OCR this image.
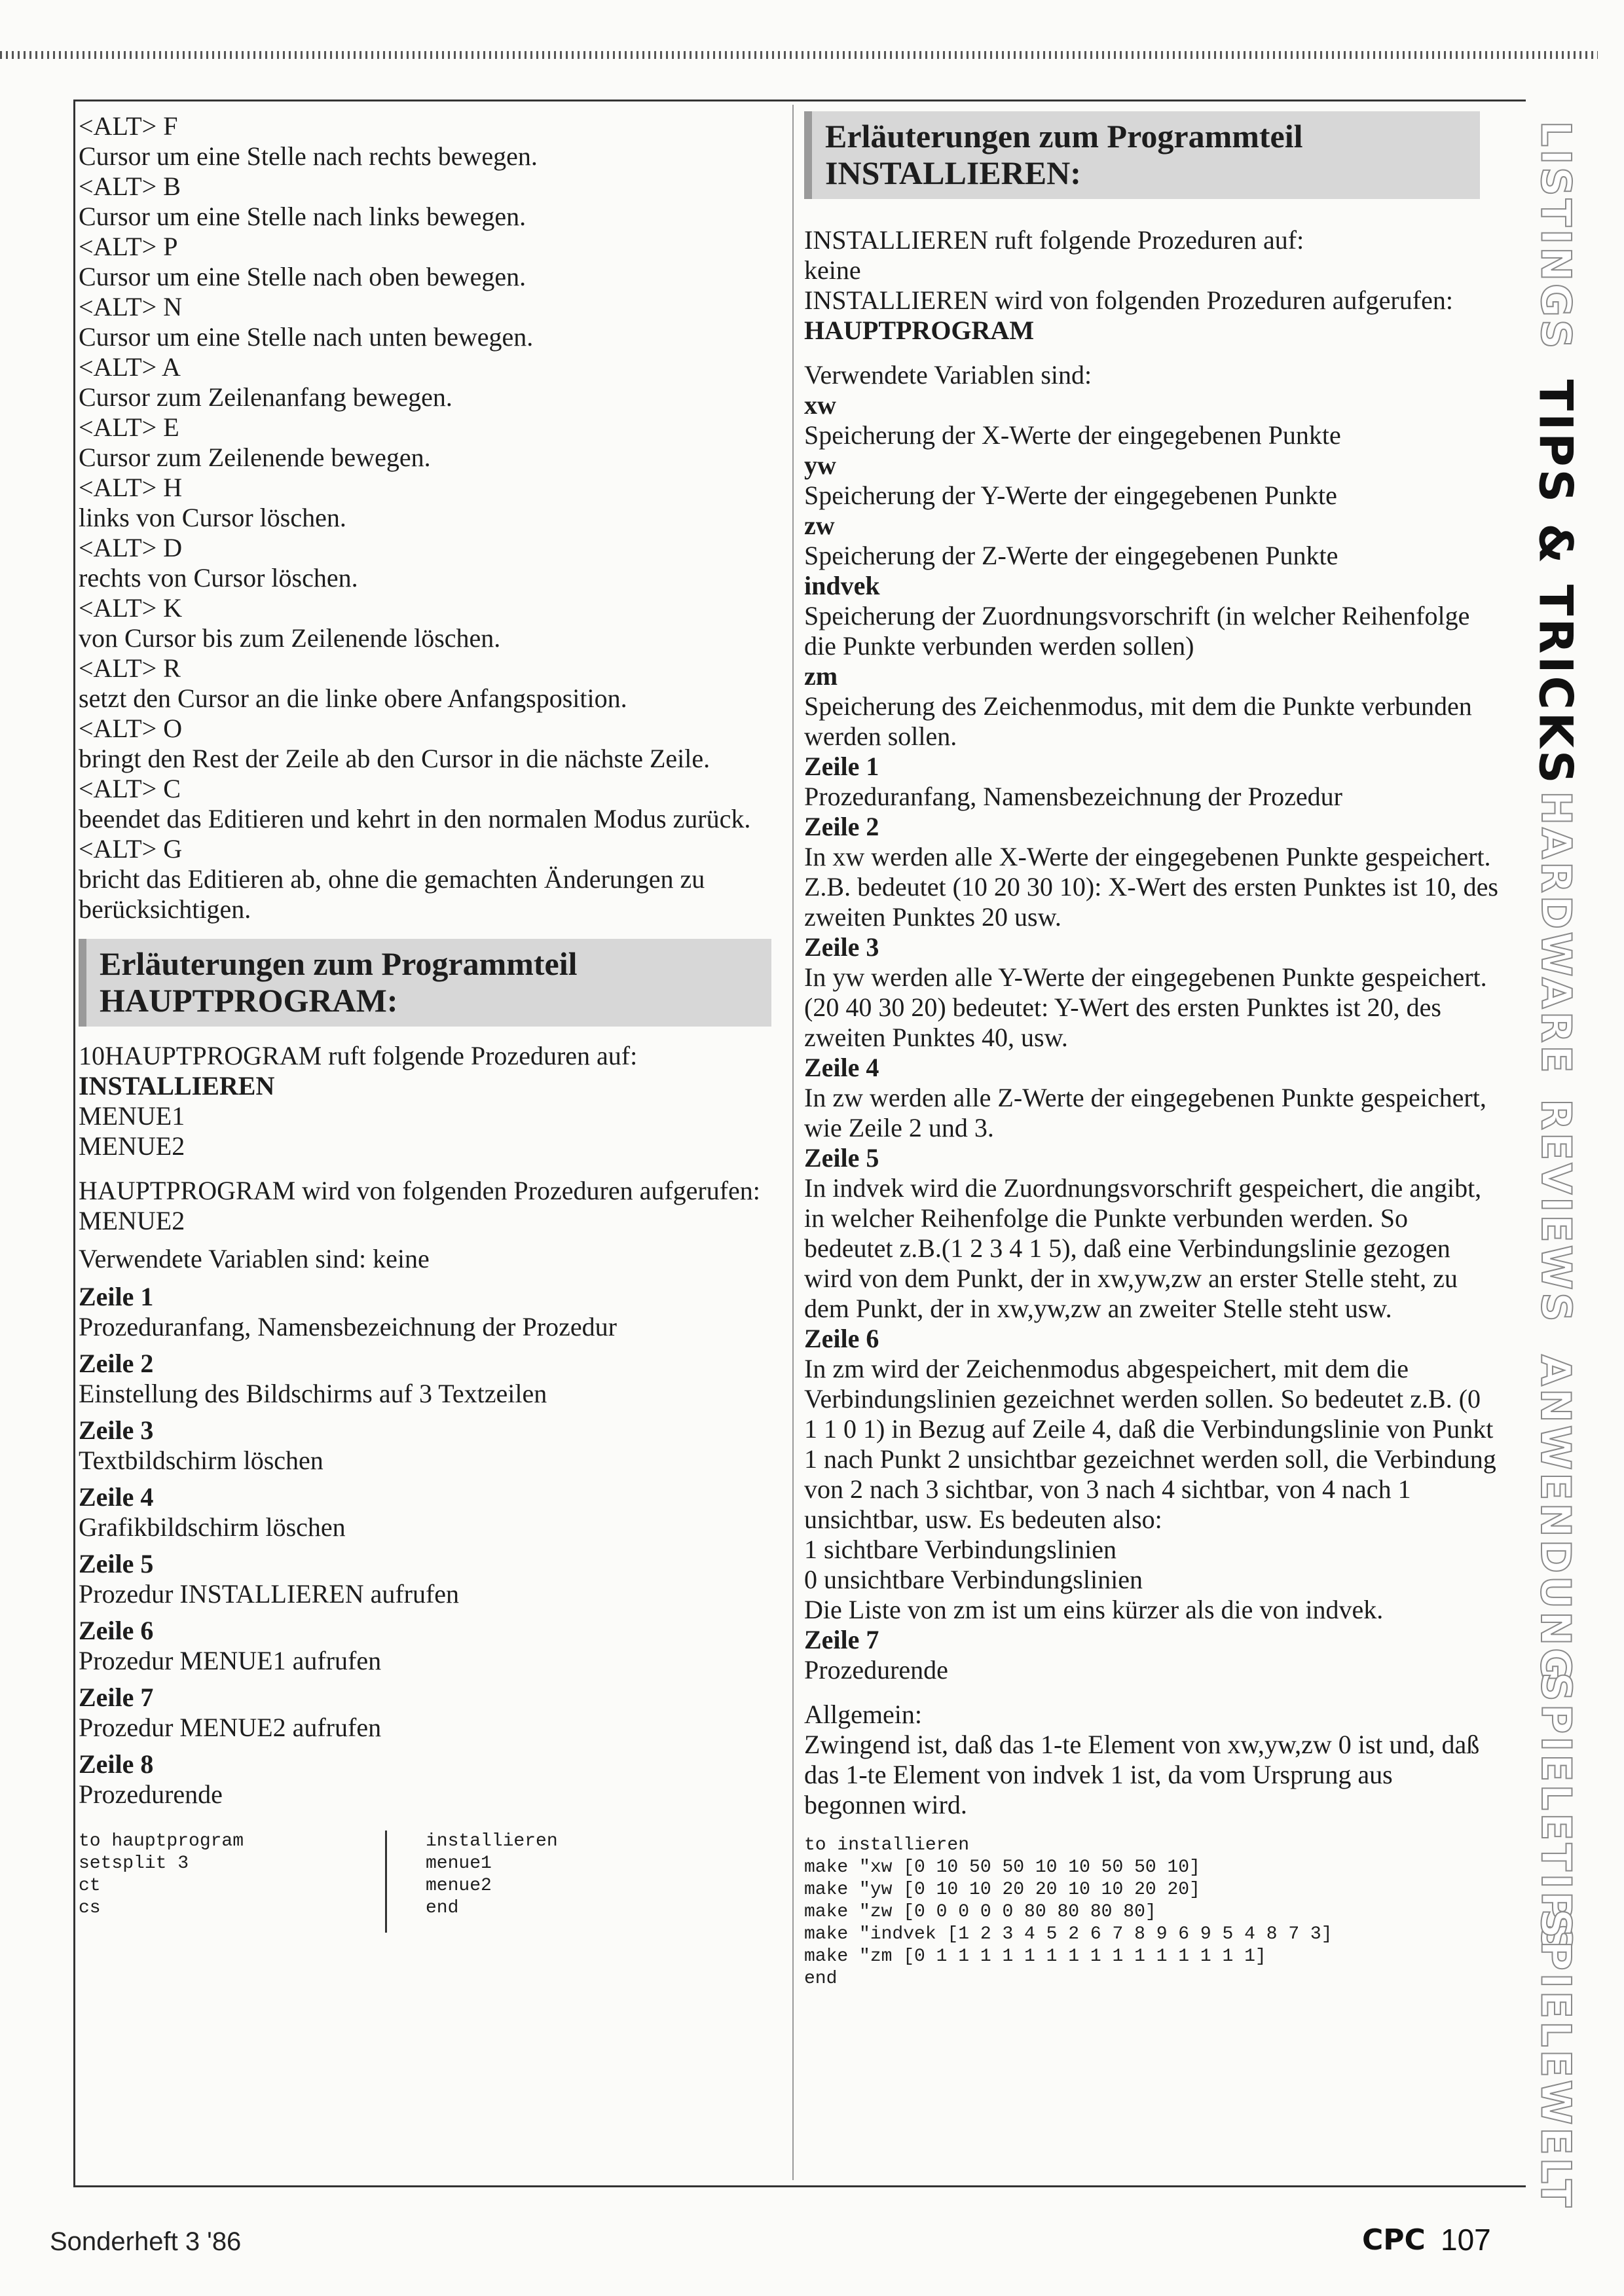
<ALT> F

Cursor um eine Stelle nach rechts bewegen.

<ALT> B

Cursor um eine Stelle nach links bewegen.

<ALT> P

Cursor um eine Stelle nach oben bewegen.

<ALT> N

Cursor um eine Stelle nach unten bewegen.

<ALT> A

Cursor zum Zeilenanfang bewegen.

<ALT> E

Cursor zum Zeilenende bewegen.

<ALT> H

links von Cursor löschen.

<ALT> D

rechts von Cursor löschen.

<ALT> K

von Cursor bis zum Zeilenende löschen.

<ALT> R

setzt den Cursor an die linke obere Anfangsposition.

<ALT> O

bringt den Rest der Zeile ab den Cursor in die nächste Zeile.

<ALT> C

beendet das Editieren und kehrt in den normalen Modus zurück.

<ALT> G

bricht das Editieren ab, ohne die gemachten Änderungen zu berücksichtigen.

Erläuterungen zum Programmteil
HAUPTPROGRAM:

10HAUPTPROGRAM ruft folgende Prozeduren auf:

INSTALLIEREN

MENUE1

MENUE2

HAUPTPROGRAM wird von folgenden Prozeduren aufgerufen:

MENUE2

Verwendete Variablen sind: keine

Zeile 1

Prozeduranfang, Namensbezeichnung der Prozedur

Zeile 2

Einstellung des Bildschirms auf 3 Textzeilen

Zeile 3

Textbildschirm löschen

Zeile 4

Grafikbildschirm löschen

Zeile 5

Prozedur INSTALLIEREN aufrufen

Zeile 6

Prozedur MENUE1 aufrufen

Zeile 7

Prozedur MENUE2 aufrufen

Zeile 8

Prozedurende

to hauptprogram
setsplit 3
ct
cs
installieren
menue1
menue2
end
Erläuterungen zum Programmteil
INSTALLIEREN:

INSTALLIEREN ruft folgende Prozeduren auf:

keine

INSTALLIEREN wird von folgenden Prozeduren aufgerufen:

HAUPTPROGRAM

Verwendete Variablen sind:

xw

Speicherung der X-Werte der eingegebenen Punkte

yw

Speicherung der Y-Werte der eingegebenen Punkte

zw

Speicherung der Z-Werte der eingegebenen Punkte

indvek

Speicherung der Zuordnungsvorschrift (in welcher Reihenfolge die Punkte verbunden werden sollen)

zm

Speicherung des Zeichenmodus, mit dem die Punkte verbunden werden sollen.

Zeile 1

Prozeduranfang, Namensbezeichnung der Prozedur

Zeile 2

In xw werden alle X-Werte der eingegebenen Punkte gespeichert. Z.B. bedeutet (10 20 30 10): X-Wert des ersten Punktes ist 10, des zweiten Punktes 20 usw.

Zeile 3

In yw werden alle Y-Werte der eingegebenen Punkte gespeichert. (20 40 30 20) bedeutet: Y-Wert des ersten Punktes ist 20, des zweiten Punktes 40, usw.

Zeile 4

In zw werden alle Z-Werte der eingegebenen Punkte gespeichert, wie Zeile 2 und 3.

Zeile 5

In indvek wird die Zuordnungsvorschrift gespeichert, die angibt, in welcher Reihenfolge die Punkte verbunden werden. So bedeutet z.B.(1 2 3 4 1 5), daß eine Verbindungslinie gezogen wird von dem Punkt, der in xw,yw,zw an erster Stelle steht, zu dem Punkt, der in xw,yw,zw an zweiter Stelle steht usw.

Zeile 6

In zm wird der Zeichenmodus abgespeichert, mit dem die Verbindungslinien gezeichnet werden sollen. So bedeutet z.B. (0 1 1 0 1) in Bezug auf Zeile 4, daß die Verbindungslinie von Punkt 1 nach Punkt 2 unsichtbar gezeichnet werden soll, die Verbindung von 2 nach 3 sichtbar, von 3 nach 4 sichtbar, von 4 nach 1 unsichtbar, usw. Es bedeuten also:

1 sichtbare Verbindungslinien

0 unsichtbare Verbindungslinien

Die Liste von zm ist um eins kürzer als die von indvek.

Zeile 7

Prozedurende

Allgemein:

Zwingend ist, daß das 1-te Element von xw,yw,zw 0 ist und, daß das 1-te Element von indvek 1 ist, da vom Ursprung aus begonnen wird.

to installieren
make "xw [0 10 50 50 10 10 50 50 10]
make "yw [0 10 10 20 20 10 10 20 20]
make "zw [0 0 0 0 0 80 80 80 80]
make "indvek [1 2 3 4 5 2 6 7 8 9 6 9 5 4 8 7 3]
make "zm [0 1 1 1 1 1 1 1 1 1 1 1 1 1 1 1]
end
LISTINGS
TIPS & TRICKS
HARDWARE
REVIEWS
ANWENDUNG
SPIELETIPS
SPIELEWELT
Sonderheft 3 '86	CPC 107
